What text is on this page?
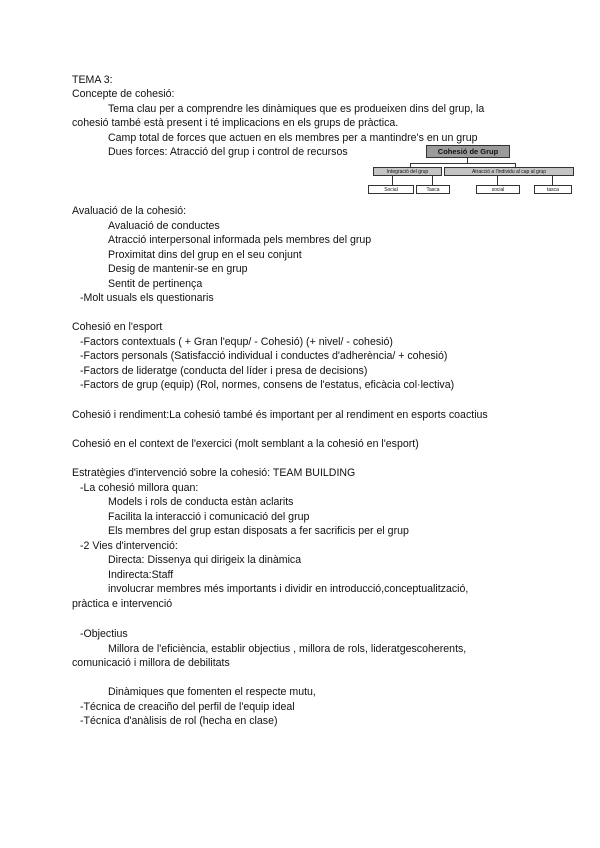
TEMA 3:
Concepte de cohesió:
Tema clau per a comprendre les dinàmiques que es produeixen dins del grup, la
cohesió també està present i té implicacions en els grups de pràctica.
Camp total de forces que actuen en els membres per a mantindre's en un grup
Dues forces: Atracció del grup i control de recursos	Cohesió de Grup
Integració del grup	Atracció a l'individu al cap al grup
Social	Tasca	social	tasca
Avaluació de la cohesió:
Avaluació de conductes
Atracció interpersonal informada pels membres del grup
Proximitat dins del grup en el seu conjunt
Desig de mantenir-se en grup
Sentit de pertinença
-Molt usuals els questionaris
Cohesió en l'esport
-Factors contextuals ( + Gran l'equp/ - Cohesió) (+ nivel/ - cohesió)
-Factors personals (Satisfacció individual i conductes d'adherència/ + cohesió)
-Factors de lideratge (conducta del líder i presa de decisions)
-Factors de grup (equip) (Rol, normes, consens de l'estatus, eficàcia col·lectiva)
Cohesió i rendiment:La cohesió també és important per al rendiment en esports coactius
Cohesió en el context de l'exercici (molt semblant a la cohesió en l'esport)
Estratègies d'intervenció sobre la cohesió: TEAM BUILDING
-La cohesió millora quan:
Models i rols de conducta estàn aclarits
Facilita la interacció i comunicació del grup
Els membres del grup estan disposats a fer sacrificis per el grup
-2 Vies d'intervenció:
Directa: Dissenya qui dirigeix la dinàmica
Indirecta:Staff
involucrar membres més importants i dividir en introducció,conceptualització,
pràctica e intervenció
-Objectius
Millora de l'eficiència, establir objectius , millora de rols, lideratgescoherents,
comunicació i millora de debilitats
Dinàmiques que fomenten el respecte mutu,
-Técnica de creaciño del perfil de l'equip ideal
-Técnica d'anàlisis de rol (hecha en clase)
